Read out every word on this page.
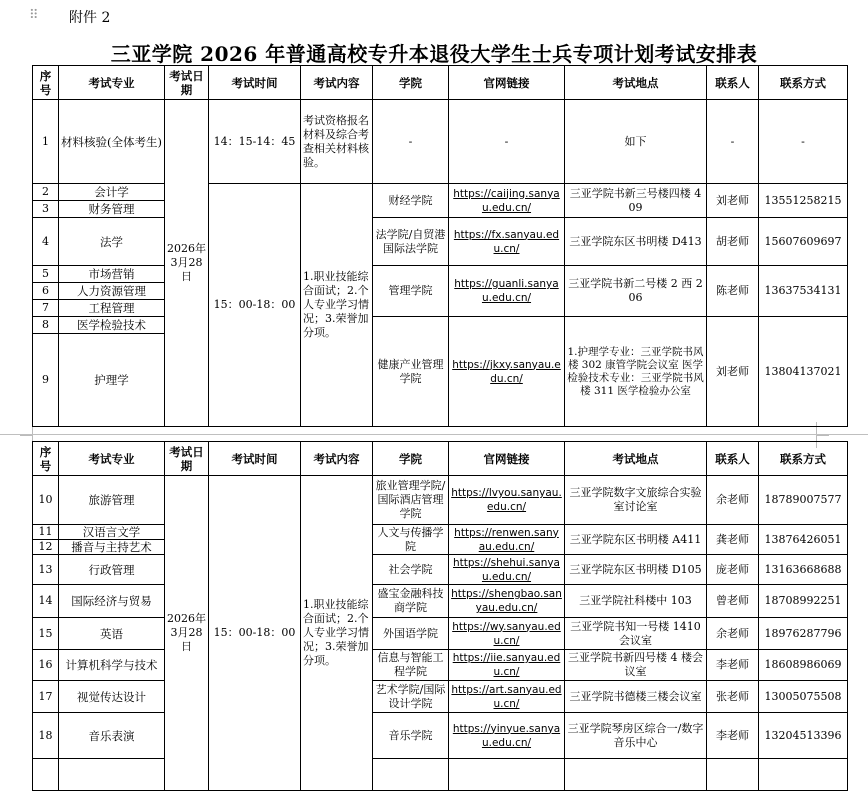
⠿ 附件 2
三亚学院 2026 年普通高校专升本退役大学生士兵专项计划考试安排表
序号	考试专业	考试日期	考试时间	考试内容	学院	官网链接	考试地点	联系人	联系方式
1	材料核验(全体考生)	2026年3月28日	14：15-14：45	考试资格报名材料及综合考查相关材料核验。	-	-	如下	-	-
2	会计学		15：00-18：00	1.职业技能综合面试；2.个人专业学习情况；3.荣誉加分项。	财经学院	https://caijing.sanyau.edu.cn/	三亚学院书新三号楼四楼 409	刘老师	13551258215
3	财务管理								
4	法学				法学院/自贸港国际法学院	https://fx.sanyau.edu.cn/	三亚学院东区书明楼 D413	胡老师	15607609697
5	市场营销				管理学院	https://guanli.sanyau.edu.cn/	三亚学院书新二号楼 2 西 206	陈老师	13637534131
6	人力资源管理								
7	工程管理								
8	医学检验技术				健康产业管理学院	https://jkxy.sanyau.edu.cn/	1.护理学专业：三亚学院书风楼 302 康管学院会议室 医学检验技术专业：三亚学院书风楼 311 医学检验办公室	刘老师	13804137021
9	护理学								
序号	考试专业	考试日期	考试时间	考试内容	学院	官网链接	考试地点	联系人	联系方式
10	旅游管理	2026年3月28日	15：00-18：00	1.职业技能综合面试；2.个人专业学习情况；3.荣誉加分项。	旅业管理学院/国际酒店管理学院	https://lvyou.sanyau.edu.cn/	三亚学院数字文旅综合实验室讨论室	余老师	18789007577
11	汉语言文学				人文与传播学院	https://renwen.sanyau.edu.cn/	三亚学院东区书明楼 A411	龚老师	13876426051
12	播音与主持艺术								
13	行政管理				社会学院	https://shehui.sanyau.edu.cn/	三亚学院东区书明楼 D105	庞老师	13163668688
14	国际经济与贸易				盛宝金融科技商学院	https://shengbao.sanyau.edu.cn/	三亚学院社科楼中 103	曾老师	18708992251
15	英语				外国语学院	https://wy.sanyau.edu.cn/	三亚学院书知一号楼 1410 会议室	余老师	18976287796
16	计算机科学与技术				信息与智能工程学院	https://iie.sanyau.edu.cn/	三亚学院书新四号楼 4 楼会议室	李老师	18608986069
17	视觉传达设计				艺术学院/国际设计学院	https://art.sanyau.edu.cn/	三亚学院书德楼三楼会议室	张老师	13005075508
18	音乐表演				音乐学院	https://yinyue.sanyau.edu.cn/	三亚学院琴房区综合一/数字音乐中心	李老师	13204513396
